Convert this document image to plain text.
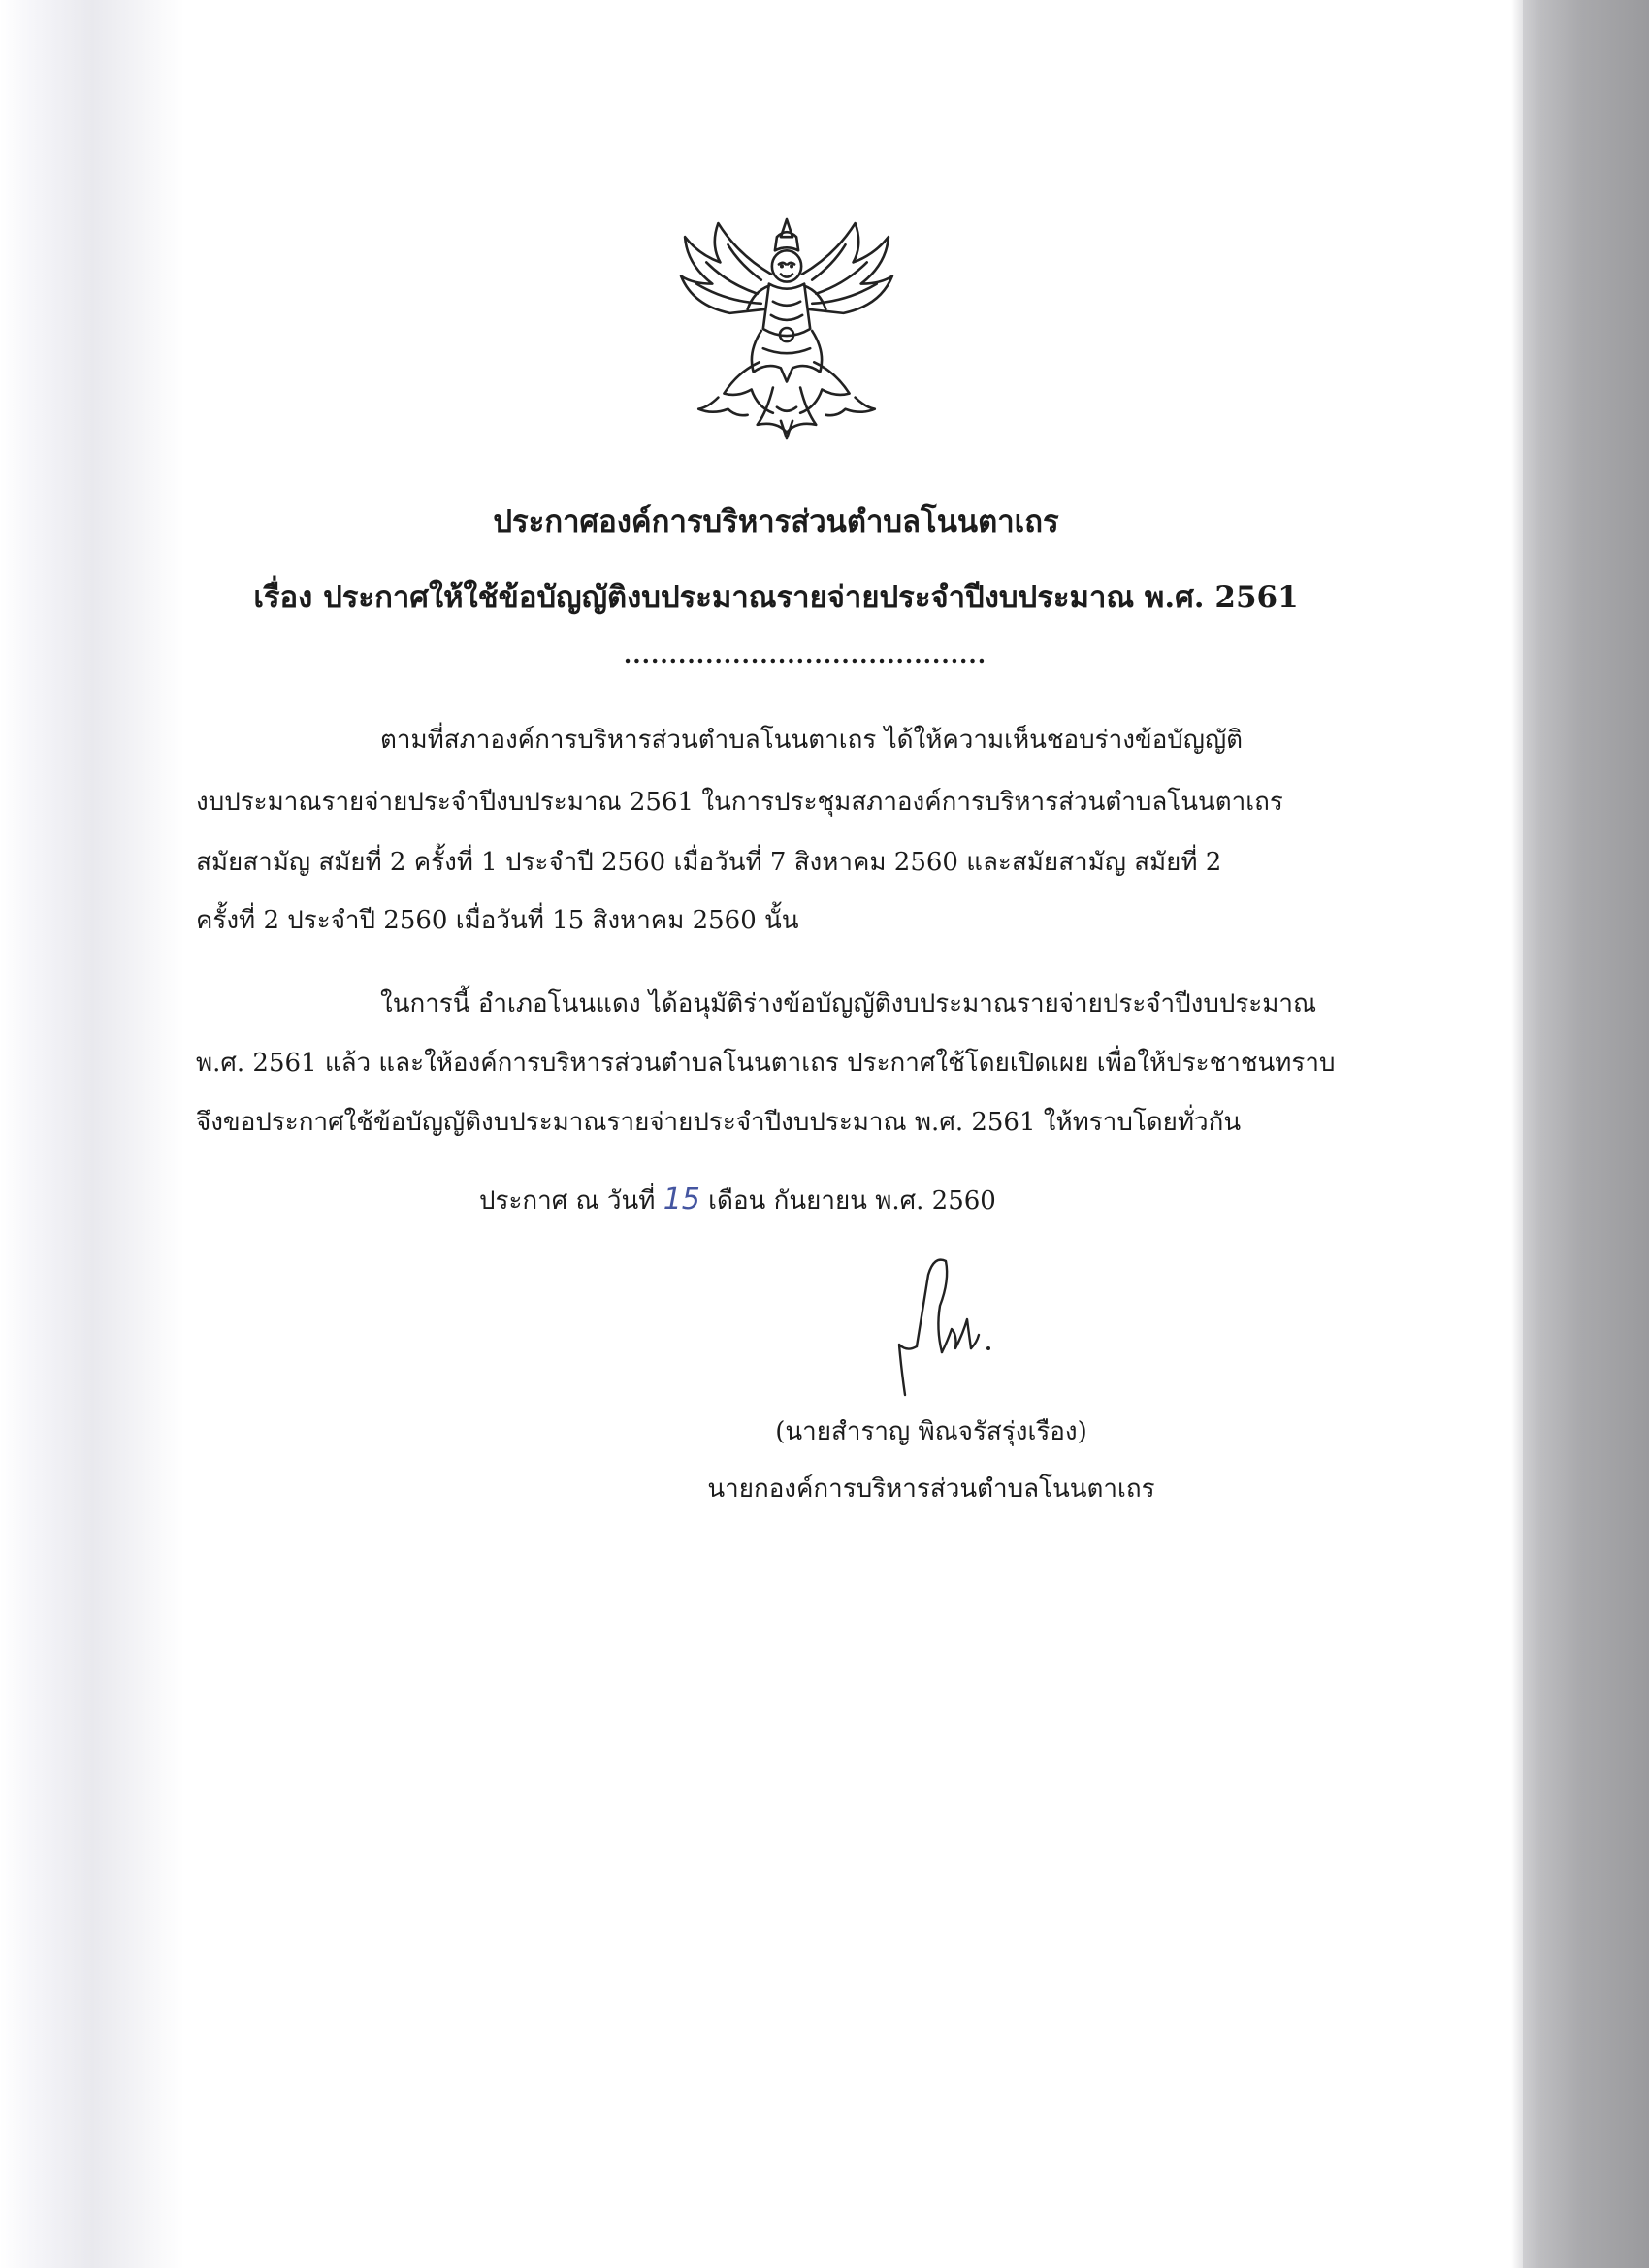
ประกาศองค์การบริหารส่วนตำบลโนนตาเถร
เรื่อง ประกาศให้ใช้ข้อบัญญัติงบประมาณรายจ่ายประจำปีงบประมาณ พ.ศ. 2561
........................................

ตามที่สภาองค์การบริหารส่วนตำบลโนนตาเถร ได้ให้ความเห็นชอบร่างข้อบัญญัติ

งบประมาณรายจ่ายประจำปีงบประมาณ 2561 ในการประชุมสภาองค์การบริหารส่วนตำบลโนนตาเถร

สมัยสามัญ สมัยที่ 2 ครั้งที่ 1 ประจำปี 2560 เมื่อวันที่ 7 สิงหาคม 2560 และสมัยสามัญ สมัยที่ 2

ครั้งที่ 2 ประจำปี 2560 เมื่อวันที่ 15 สิงหาคม 2560 นั้น

ในการนี้ อำเภอโนนแดง ได้อนุมัติร่างข้อบัญญัติงบประมาณรายจ่ายประจำปีงบประมาณ

พ.ศ. 2561 แล้ว และให้องค์การบริหารส่วนตำบลโนนตาเถร ประกาศใช้โดยเปิดเผย เพื่อให้ประชาชนทราบ

จึงขอประกาศใช้ข้อบัญญัติงบประมาณรายจ่ายประจำปีงบประมาณ พ.ศ. 2561 ให้ทราบโดยทั่วกัน

ประกาศ ณ วันที่ 15 เดือน กันยายน พ.ศ. 2560
(นายสำราญ พิณจรัสรุ่งเรือง)
นายกองค์การบริหารส่วนตำบลโนนตาเถร
